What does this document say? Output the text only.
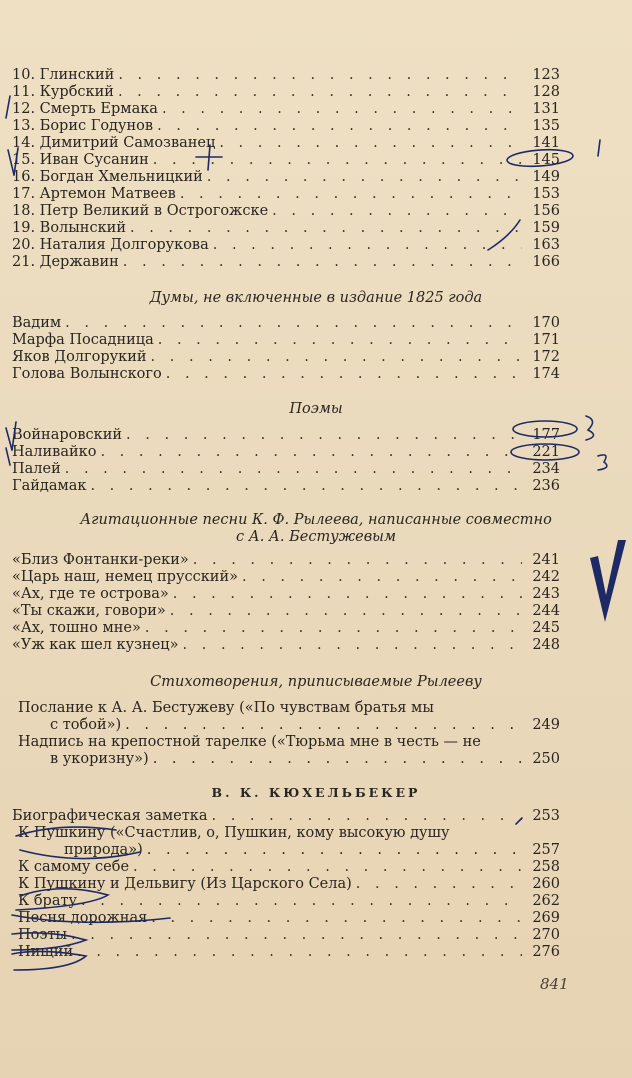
10. Глинский . . .	123
11. Курбский . . .	128
12. Смерть Ермака . . .	131
13. Борис Годунов . . .	135
14. Димитрий Самозванец . . .	141
15. Иван Сусанин . . .	145
16. Богдан Хмельницкий . . .	149
17. Артемон Матвеев . . .	153
18. Петр Великий в Острогожске . . .	156
19. Волынский . . .	159
20. Наталия Долгорукова . . .	163
21. Державин . . .	166
Думы, не включенные в издание 1825 года
Вадим . . .	170
Марфа Посадница . . .	171
Яков Долгорукий . . .	172
Голова Волынского . . .	174
Поэмы
Войнаровский . . .	177
Наливайко . . .	221
Палей . . .	234
Гайдамак . . .	236
Агитационные песни К. Ф. Рылеева, написанные совместно
с А. А. Бестужевым
«Близ Фонтанки-реки» . . .	241
«Царь наш, немец прусский» . . .	242
«Ах, где те острова» . . .	243
«Ты скажи, говори» . . .	244
«Ах, тошно мне» . . .	245
«Уж как шел кузнец» . . .	248
Стихотворения, приписываемые Рылееву
Послание к А. А. Бестужеву («По чувствам братья мы
с тобой») . . .	249
Надпись на крепостной тарелке («Тюрьма мне в честь — не
в укоризну») . . .	250
В. К. КЮХЕЛЬБЕКЕР
Биографическая заметка . . .	253
К Пушкину («Счастлив, о, Пушкин, кому высокую душу
природа») . . .	257
К самому себе . . .	258
К Пушкину и Дельвигу (Из Царского Села) . . .	260
К брату . . .	262
Песня дорожная . . .	269
Поэты . . .	270
Нищий . . .	276
841
